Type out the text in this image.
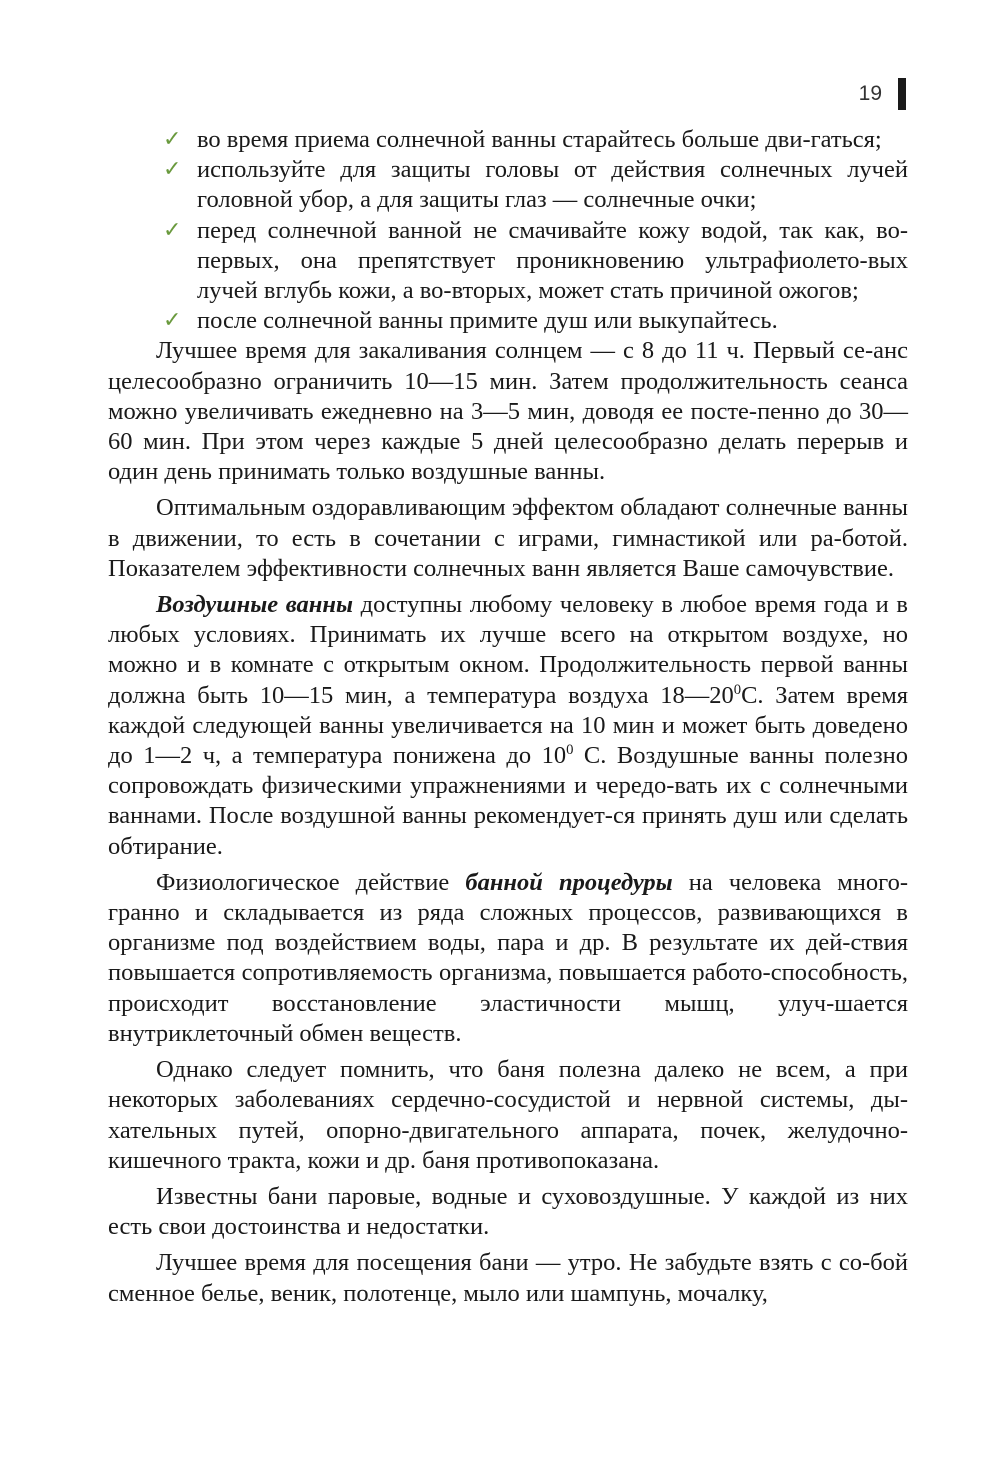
19
✓ во время приема солнечной ванны старайтесь больше дви-гаться;
✓ используйте для защиты головы от действия солнечных лучей головной убор, а для защиты глаз — солнечные очки;
✓ перед солнечной ванной не смачивайте кожу водой, так как, во-первых, она препятствует проникновению ультрафиолето-вых лучей вглубь кожи, а во-вторых, может стать причиной ожогов;
✓ после солнечной ванны примите душ или выкупайтесь.

Лучшее время для закаливания солнцем — с 8 до 11 ч. Первый се-анс целесообразно ограничить 10—15 мин. Затем продолжительность сеанса можно увеличивать ежедневно на 3—5 мин, доводя ее посте-пенно до 30—60 мин. При этом через каждые 5 дней целесообразно делать перерыв и один день принимать только воздушные ванны.

Оптимальным оздоравливающим эффектом обладают солнечные ванны в движении, то есть в сочетании с играми, гимнастикой или ра-ботой. Показателем эффективности солнечных ванн является Ваше самочувствие.

Воздушные ванны доступны любому человеку в любое время года и в любых условиях. Принимать их лучше всего на открытом воздухе, но можно и в комнате с открытым окном. Продолжительность первой ванны должна быть 10—15 мин, а температура воздуха $18—20^0С$. Затем время каждой следующей ванны увеличивается на 10 мин и может быть доведено до 1—2 ч, а температура понижена до $10^0$ С. Воздушные ванны полезно сопровождать физическими упражнениями и чередо-вать их с солнечными ваннами. После воздушной ванны рекомендует-ся принять душ или сделать обтирание.

Физиологическое действие банной процедуры на человека много-гранно и складывается из ряда сложных процессов, развивающихся в организме под воздействием воды, пара и др. В результате их дей-ствия повышается сопротивляемость организма, повышается работо-способность, происходит восстановление эластичности мышц, улуч-шается внутриклеточный обмен веществ.

Однако следует помнить, что баня полезна далеко не всем, а при некоторых заболеваниях сердечно-сосудистой и нервной системы, ды-хательных путей, опорно-двигательного аппарата, почек, желудочно-кишечного тракта, кожи и др. баня противопоказана.

Известны бани паровые, водные и суховоздушные. У каждой из них есть свои достоинства и недостатки.

Лучшее время для посещения бани — утро. Не забудьте взять с со-бой сменное белье, веник, полотенце, мыло или шампунь, мочалку,
